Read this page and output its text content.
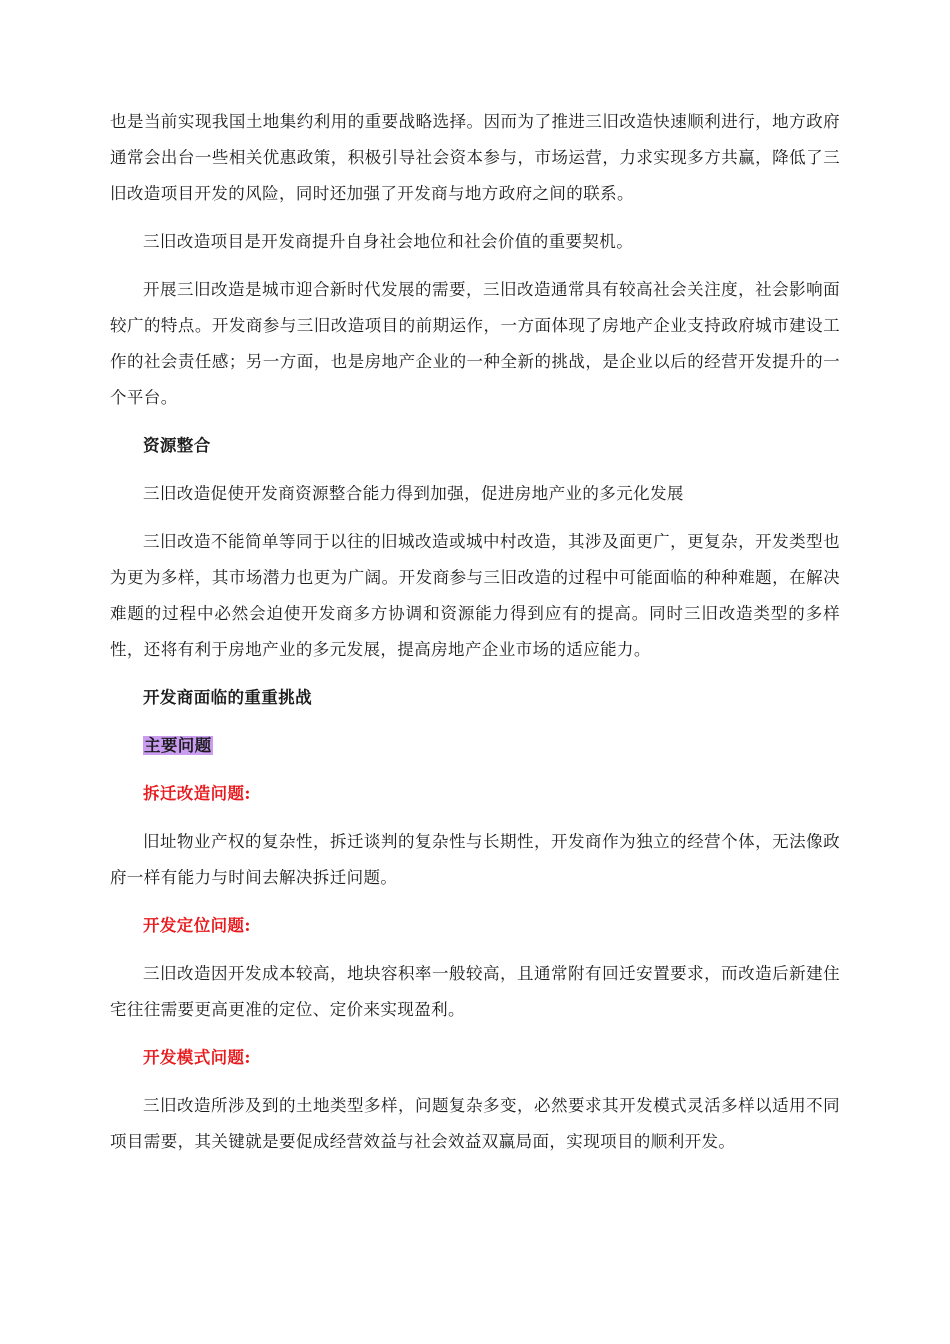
也是当前实现我国土地集约利用的重要战略选择。因而为了推进三旧改造快速顺利进行，地方政府通常会出台一些相关优惠政策，积极引导社会资本参与，市场运营，力求实现多方共赢，降低了三旧改造项目开发的风险，同时还加强了开发商与地方政府之间的联系。

三旧改造项目是开发商提升自身社会地位和社会价值的重要契机。

开展三旧改造是城市迎合新时代发展的需要，三旧改造通常具有较高社会关注度，社会影响面较广的特点。开发商参与三旧改造项目的前期运作，一方面体现了房地产企业支持政府城市建设工作的社会责任感；另一方面，也是房地产企业的一种全新的挑战，是企业以后的经营开发提升的一个平台。

资源整合

三旧改造促使开发商资源整合能力得到加强，促进房地产业的多元化发展

三旧改造不能简单等同于以往的旧城改造或城中村改造，其涉及面更广，更复杂，开发类型也为更为多样，其市场潜力也更为广阔。开发商参与三旧改造的过程中可能面临的种种难题，在解决难题的过程中必然会迫使开发商多方协调和资源能力得到应有的提高。同时三旧改造类型的多样性，还将有利于房地产业的多元发展，提高房地产企业市场的适应能力。

开发商面临的重重挑战

主要问题

拆迁改造问题:

旧址物业产权的复杂性，拆迁谈判的复杂性与长期性，开发商作为独立的经营个体，无法像政府一样有能力与时间去解决拆迁问题。

开发定位问题:

三旧改造因开发成本较高，地块容积率一般较高，且通常附有回迁安置要求，而改造后新建住宅往往需要更高更准的定位、定价来实现盈利。

开发模式问题:

三旧改造所涉及到的土地类型多样，问题复杂多变，必然要求其开发模式灵活多样以适用不同项目需要，其关键就是要促成经营效益与社会效益双赢局面，实现项目的顺利开发。
